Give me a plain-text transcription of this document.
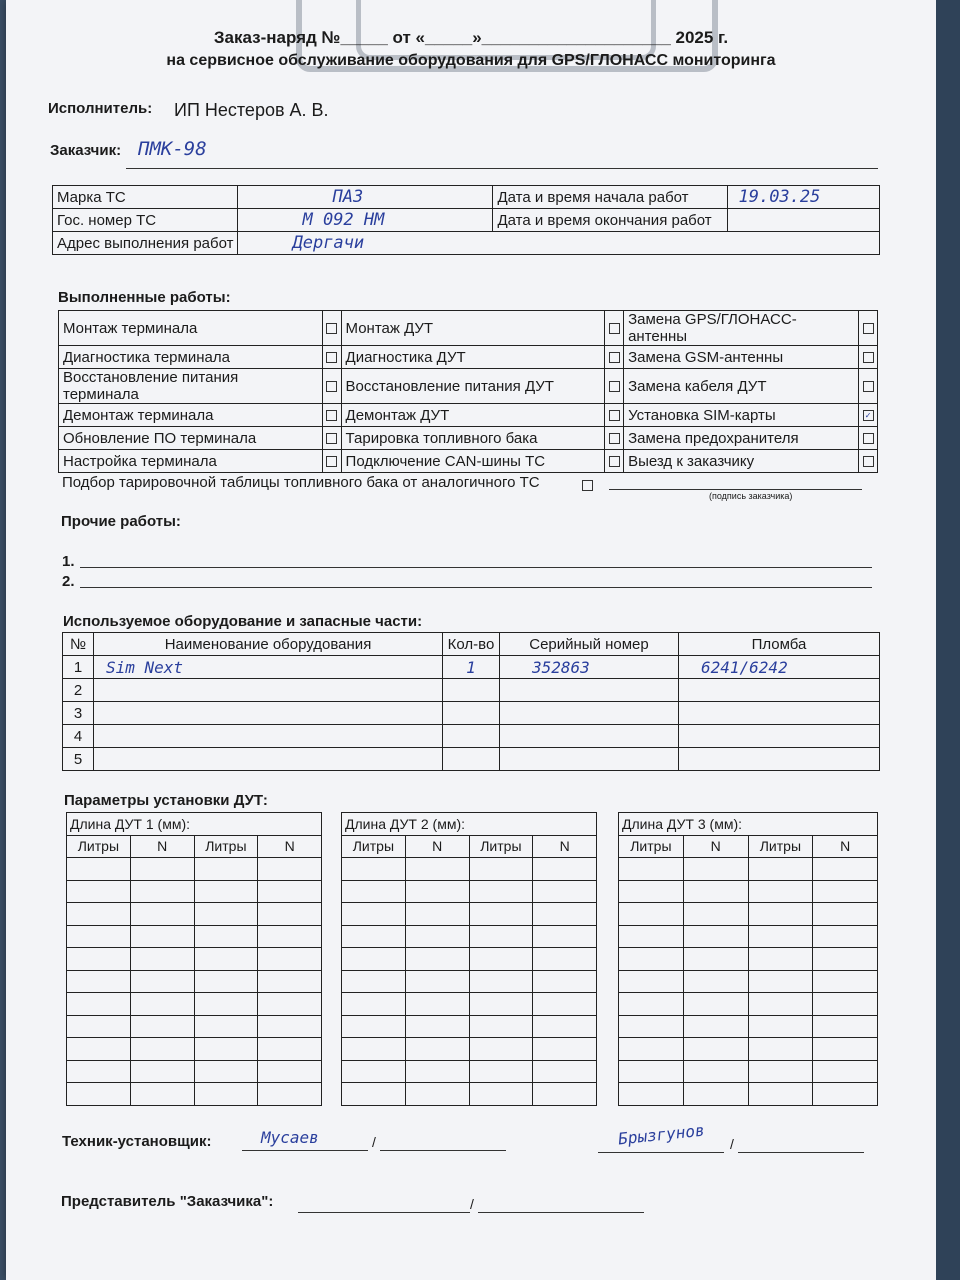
Заказ-наряд №_____ от «_____»____________________ 2025 г.
на сервисное обслуживание оборудования для GPS/ГЛОНАСС мониторинга
Исполнитель: ИП Нестеров А. В.
Заказчик: ПМК-98
Марка ТС	ПАЗ	Дата и время начала работ	19.03.25
Гос. номер ТС	М 092 НМ	Дата и время окончания работ	
Адрес выполнения работ	Дергачи		
Выполненные работы:
Монтаж терминала		Монтаж ДУТ		Замена GPS/ГЛОНАСС-антенны	
Диагностика терминала		Диагностика ДУТ		Замена GSM-антенны	
Восстановление питания терминала		Восстановление питания ДУТ		Замена кабеля ДУТ	
Демонтаж терминала		Демонтаж ДУТ		Установка SIM-карты	✓
Обновление ПО терминала		Тарировка топливного бака		Замена предохранителя	
Настройка терминала		Подключение CAN-шины ТС		Выезд к заказчику	
Подбор тарировочной таблицы топливного бака от аналогичного ТС
(подпись заказчика)
Прочие работы:
1.
2.
Используемое оборудование и запасные части:
№	Наименование оборудования	Кол-во	Серийный номер	Пломба
1	Sim Next	1	352863	6241/6242
2				
3				
4				
5				
Параметры установки ДУТ:
Длина ДУТ 1 (мм):			
Литры	N	Литры	N

Длина ДУТ 2 (мм):			
Литры	N	Литры	N

Длина ДУТ 3 (мм):			
Литры	N	Литры	N

Техник-установщик:	Мусаев	/	Брызгунов /
Представитель "Заказчика":	/
